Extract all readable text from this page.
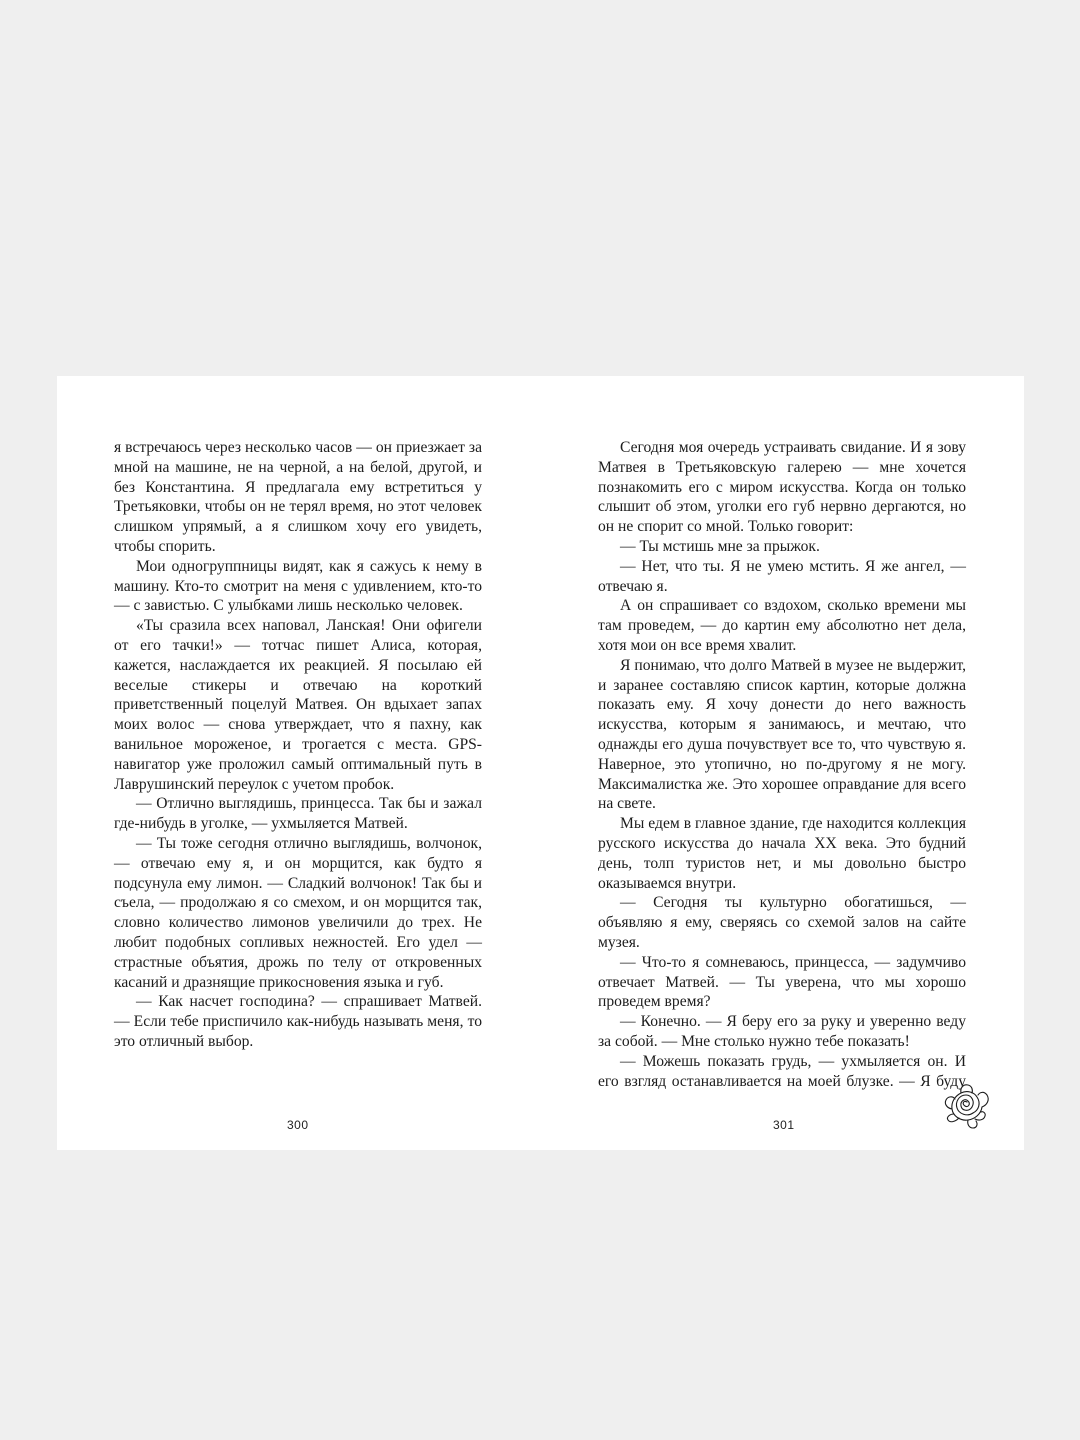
я встречаюсь через несколько часов — он приезжает за мной на машине, не на черной, а на белой, другой, и без Константина. Я предлагала ему встретиться у Третьяковки, чтобы он не терял время, но этот человек слишком упрямый, а я слишком хочу его увидеть, чтобы спорить.

Мои одногруппницы видят, как я сажусь к нему в машину. Кто-то смотрит на меня с удивлением, кто-то — с завистью. С улыбками лишь несколько человек.

«Ты сразила всех наповал, Ланская! Они офигели от его тачки!» — тотчас пишет Алиса, которая, кажется, наслаждается их реакцией. Я посылаю ей веселые стикеры и отвечаю на короткий приветственный поцелуй Матвея. Он вдыхает запах моих волос — снова утверждает, что я пахну, как ванильное мороженое, и трогается с места. GPS-навигатор уже проложил самый оптимальный путь в Лаврушинский переулок с учетом пробок.

— Отлично выглядишь, принцесса. Так бы и зажал где-нибудь в уголке, — ухмыляется Матвей.

— Ты тоже сегодня отлично выглядишь, волчонок, — отвечаю ему я, и он морщится, как будто я подсунула ему лимон. — Сладкий волчонок! Так бы и съела, — продолжаю я со смехом, и он морщится так, словно количество лимонов увеличили до трех. Не любит подобных сопливых нежностей. Его удел — страстные объятия, дрожь по телу от откровенных касаний и дразнящие прикосновения языка и губ.

— Как насчет господина? — спрашивает Матвей. — Если тебе приспичило как-нибудь называть меня, то это отличный выбор.

300

Сегодня моя очередь устраивать свидание. И я зову Матвея в Третьяковскую галерею — мне хочется познакомить его с миром искусства. Когда он только слышит об этом, уголки его губ нервно дергаются, но он не спорит со мной. Только говорит:

— Ты мстишь мне за прыжок.

— Нет, что ты. Я не умею мстить. Я же ангел, — отвечаю я.

А он спрашивает со вздохом, сколько времени мы там проведем, — до картин ему абсолютно нет дела, хотя мои он все время хвалит.

Я понимаю, что долго Матвей в музее не выдержит, и заранее составляю список картин, которые должна показать ему. Я хочу донести до него важность искусства, которым я занимаюсь, и мечтаю, что однажды его душа почувствует все то, что чувствую я. Наверное, это утопично, но по-другому я не могу. Максималистка же. Это хорошее оправдание для всего на свете.

Мы едем в главное здание, где находится коллекция русского искусства до начала XX века. Это будний день, толп туристов нет, и мы довольно быстро оказываемся внутри.

— Сегодня ты культурно обогатишься, — объявляю я ему, сверяясь со схемой залов на сайте музея.

— Что-то я сомневаюсь, принцесса, — задумчиво отвечает Матвей. — Ты уверена, что мы хорошо проведем время?

— Конечно. — Я беру его за руку и уверенно веду за собой. — Мне столько нужно тебе показать!

— Можешь показать грудь, — ухмыляется он. И его взгляд останавливается на моей блузке. — Я буду

301
